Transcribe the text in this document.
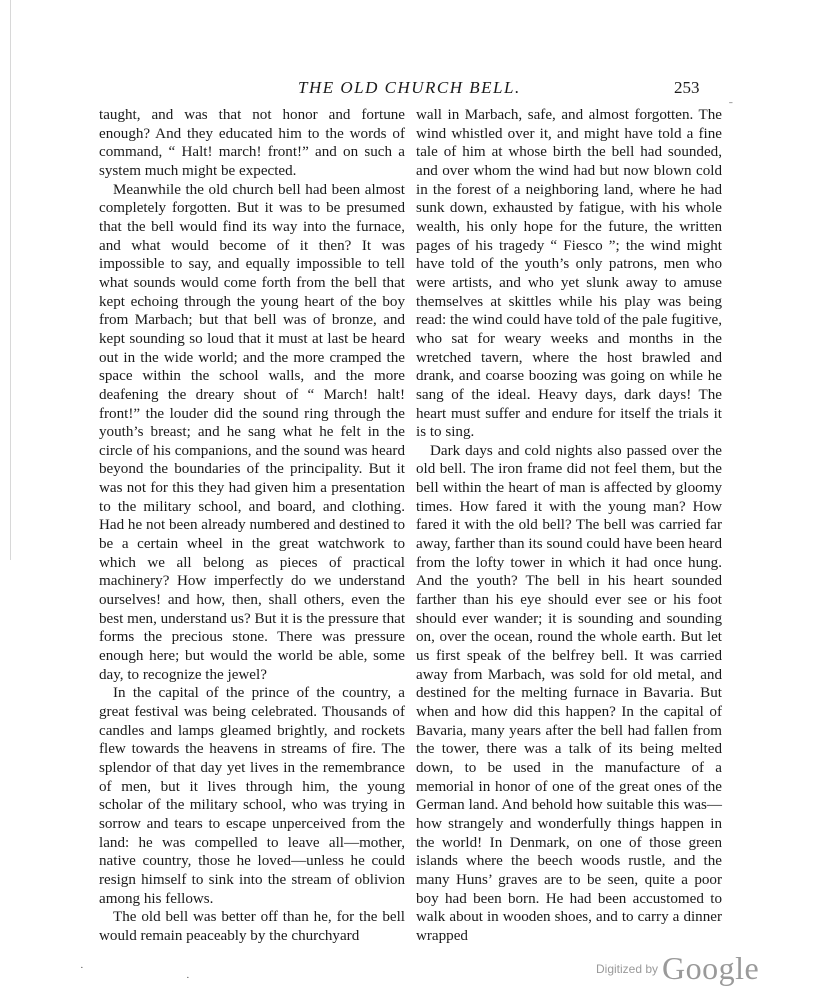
THE OLD CHURCH BELL.	253
ˉ
·
·

taught, and was that not honor and fortune enough? And they educated him to the words of command, “ Halt! march! front!” and on such a system much might be expected.

Meanwhile the old church bell had been almost completely forgotten. But it was to be presumed that the bell would find its way into the furnace, and what would become of it then? It was impossible to say, and equally impossible to tell what sounds would come forth from the bell that kept echoing through the young heart of the boy from Marbach; but that bell was of bronze, and kept sounding so loud that it must at last be heard out in the wide world; and the more cramped the space within the school walls, and the more deafening the dreary shout of “ March! halt! front!” the louder did the sound ring through the youth’s breast; and he sang what he felt in the circle of his companions, and the sound was heard beyond the boundaries of the principality. But it was not for this they had given him a presentation to the military school, and board, and clothing. Had he not been already numbered and destined to be a certain wheel in the great watchwork to which we all belong as pieces of practical machinery? How imperfectly do we understand ourselves! and how, then, shall others, even the best men, understand us? But it is the pressure that forms the precious stone. There was pressure enough here; but would the world be able, some day, to recognize the jewel?

In the capital of the prince of the country, a great festival was being celebrated. Thousands of candles and lamps gleamed brightly, and rockets flew towards the heavens in streams of fire. The splendor of that day yet lives in the remembrance of men, but it lives through him, the young scholar of the military school, who was trying in sorrow and tears to escape unperceived from the land: he was compelled to leave all—mother, native country, those he loved—unless he could resign himself to sink into the stream of oblivion among his fellows.

The old bell was better off than he, for the bell would remain peaceably by the churchyard

wall in Marbach, safe, and almost forgotten. The wind whistled over it, and might have told a fine tale of him at whose birth the bell had sounded, and over whom the wind had but now blown cold in the forest of a neighboring land, where he had sunk down, exhausted by fatigue, with his whole wealth, his only hope for the future, the written pages of his tragedy “ Fiesco ”; the wind might have told of the youth’s only patrons, men who were artists, and who yet slunk away to amuse themselves at skittles while his play was being read: the wind could have told of the pale fugitive, who sat for weary weeks and months in the wretched tavern, where the host brawled and drank, and coarse boozing was going on while he sang of the ideal. Heavy days, dark days! The heart must suffer and endure for itself the trials it is to sing.

Dark days and cold nights also passed over the old bell. The iron frame did not feel them, but the bell within the heart of man is affected by gloomy times. How fared it with the young man? How fared it with the old bell? The bell was carried far away, farther than its sound could have been heard from the lofty tower in which it had once hung. And the youth? The bell in his heart sounded farther than his eye should ever see or his foot should ever wander; it is sounding and sounding on, over the ocean, round the whole earth. But let us first speak of the belfrey bell. It was carried away from Marbach, was sold for old metal, and destined for the melting furnace in Bavaria. But when and how did this happen? In the capital of Bavaria, many years after the bell had fallen from the tower, there was a talk of its being melted down, to be used in the manufacture of a memorial in honor of one of the great ones of the German land. And behold how suitable this was—how strangely and wonderfully things happen in the world! In Denmark, on one of those green islands where the beech woods rustle, and the many Huns’ graves are to be seen, quite a poor boy had been born. He had been accustomed to walk about in wooden shoes, and to carry a dinner wrapped

$^{Digitized by}$ Google
